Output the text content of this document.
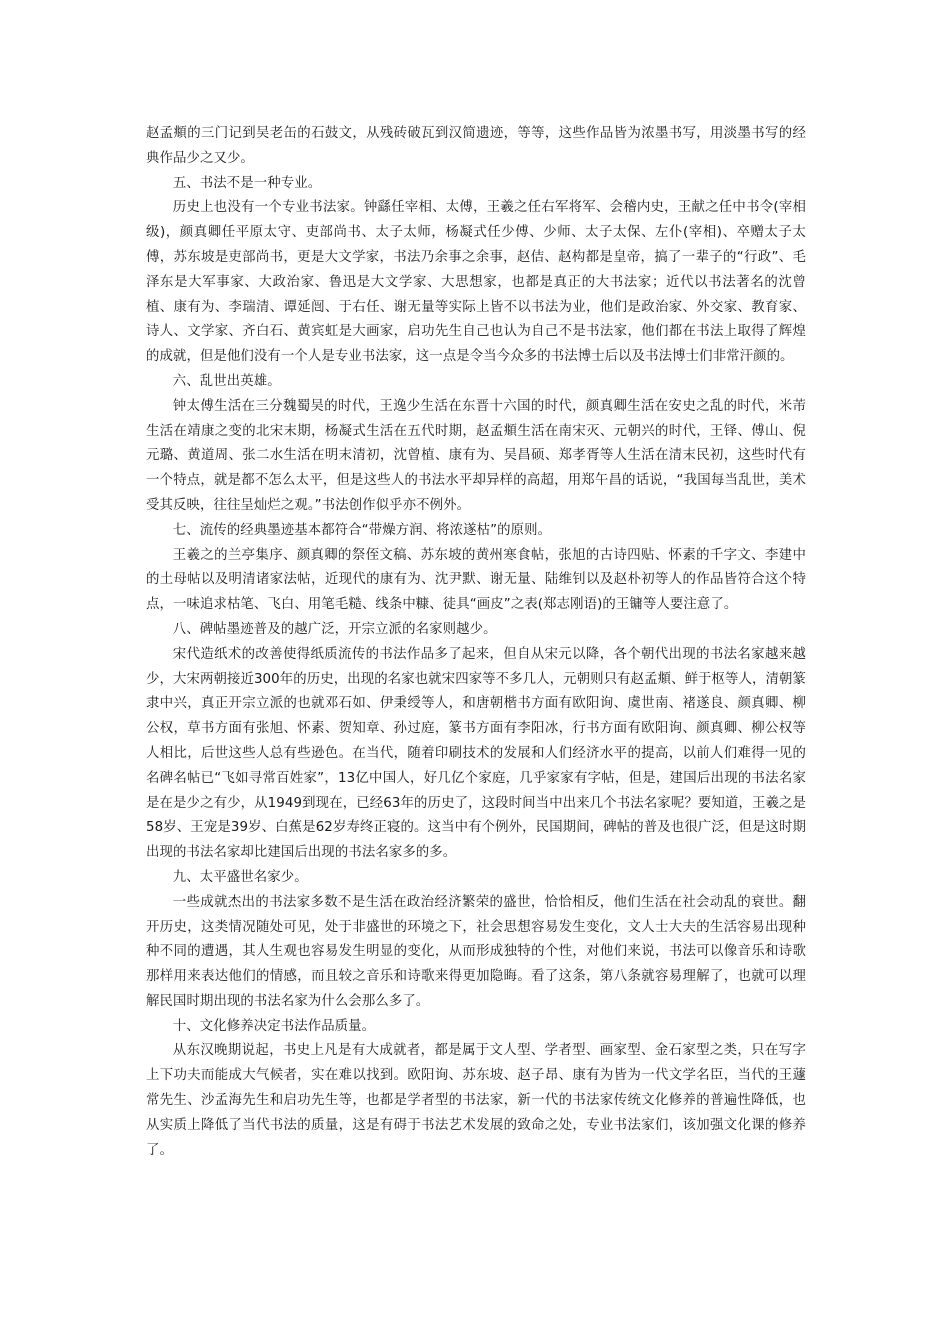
赵孟頫的三门记到吴老缶的石鼓文，从残砖破瓦到汉简遗迹，等等，这些作品皆为浓墨书写，用淡墨书写的经典作品少之又少。

五、书法不是一种专业。

历史上也没有一个专业书法家。钟繇任宰相、太傅，王羲之任右军将军、会稽内史，王献之任中书令(宰相级)，颜真卿任平原太守、吏部尚书、太子太师，杨凝式任少傅、少师、太子太保、左仆(宰相)、卒赠太子太傅，苏东坡是吏部尚书，更是大文学家，书法乃余事之余事，赵佶、赵构都是皇帝，搞了一辈子的“行政”、毛泽东是大军事家、大政治家、鲁迅是大文学家、大思想家，也都是真正的大书法家；近代以书法著名的沈曾植、康有为、李瑞清、谭延闿、于右任、谢无量等实际上皆不以书法为业，他们是政治家、外交家、教育家、诗人、文学家、齐白石、黄宾虹是大画家，启功先生自己也认为自己不是书法家，他们都在书法上取得了辉煌的成就，但是他们没有一个人是专业书法家，这一点是令当今众多的书法博士后以及书法博士们非常汗颜的。

六、乱世出英雄。

钟太傅生活在三分魏蜀吴的时代，王逸少生活在东晋十六国的时代，颜真卿生活在安史之乱的时代，米芾生活在靖康之变的北宋末期，杨凝式生活在五代时期，赵孟頫生活在南宋灭、元朝兴的时代，王铎、傅山、倪元璐、黄道周、张二水生活在明末清初，沈曾植、康有为、吴昌硕、郑孝胥等人生活在清末民初，这些时代有一个特点，就是都不怎么太平，但是这些人的书法水平却异样的高超，用郑午昌的话说，“我国每当乱世，美术受其反映，往往呈灿烂之观。”书法创作似乎亦不例外。

七、流传的经典墨迹基本都符合“带燥方润、将浓遂枯”的原则。

王羲之的兰亭集序、颜真卿的祭侄文稿、苏东坡的黄州寒食帖，张旭的古诗四贴、怀素的千字文、李建中的土母帖以及明清诸家法帖，近现代的康有为、沈尹默、谢无量、陆维钊以及赵朴初等人的作品皆符合这个特点，一味追求枯笔、飞白、用笔毛糙、线条中糠、徒具“画皮”之表(郑志刚语)的王镛等人要注意了。

八、碑帖墨迹普及的越广泛，开宗立派的名家则越少。

宋代造纸术的改善使得纸质流传的书法作品多了起来，但自从宋元以降，各个朝代出现的书法名家越来越少，大宋两朝接近300年的历史，出现的名家也就宋四家等不多几人，元朝则只有赵孟頫、鲜于枢等人，清朝篆隶中兴，真正开宗立派的也就邓石如、伊秉绶等人，和唐朝楷书方面有欧阳询、虞世南、褚遂良、颜真卿、柳公权，草书方面有张旭、怀素、贺知章、孙过庭，篆书方面有李阳冰，行书方面有欧阳询、颜真卿、柳公权等人相比，后世这些人总有些逊色。在当代，随着印刷技术的发展和人们经济水平的提高，以前人们难得一见的名碑名帖已“飞如寻常百姓家”，13亿中国人，好几亿个家庭，几乎家家有字帖，但是，建国后出现的书法名家是在是少之有少，从1949到现在，已经63年的历史了，这段时间当中出来几个书法名家呢？要知道，王羲之是58岁、王宠是39岁、白蕉是62岁寿终正寝的。这当中有个例外，民国期间，碑帖的普及也很广泛，但是这时期出现的书法名家却比建国后出现的书法名家多的多。

九、太平盛世名家少。

一些成就杰出的书法家多数不是生活在政治经济繁荣的盛世，恰恰相反，他们生活在社会动乱的衰世。翻开历史，这类情况随处可见，处于非盛世的环境之下，社会思想容易发生变化，文人士大夫的生活容易出现种种不同的遭遇，其人生观也容易发生明显的变化，从而形成独特的个性，对他们来说，书法可以像音乐和诗歌那样用来表达他们的情感，而且较之音乐和诗歌来得更加隐晦。看了这条，第八条就容易理解了，也就可以理解民国时期出现的书法名家为什么会那么多了。

十、文化修养决定书法作品质量。

从东汉晚期说起，书史上凡是有大成就者，都是属于文人型、学者型、画家型、金石家型之类，只在写字上下功夫而能成大气候者，实在难以找到。欧阳询、苏东坡、赵子昂、康有为皆为一代文学名臣，当代的王蘧常先生、沙孟海先生和启功先生等，也都是学者型的书法家，新一代的书法家传统文化修养的普遍性降低，也从实质上降低了当代书法的质量，这是有碍于书法艺术发展的致命之处，专业书法家们，该加强文化课的修养了。
